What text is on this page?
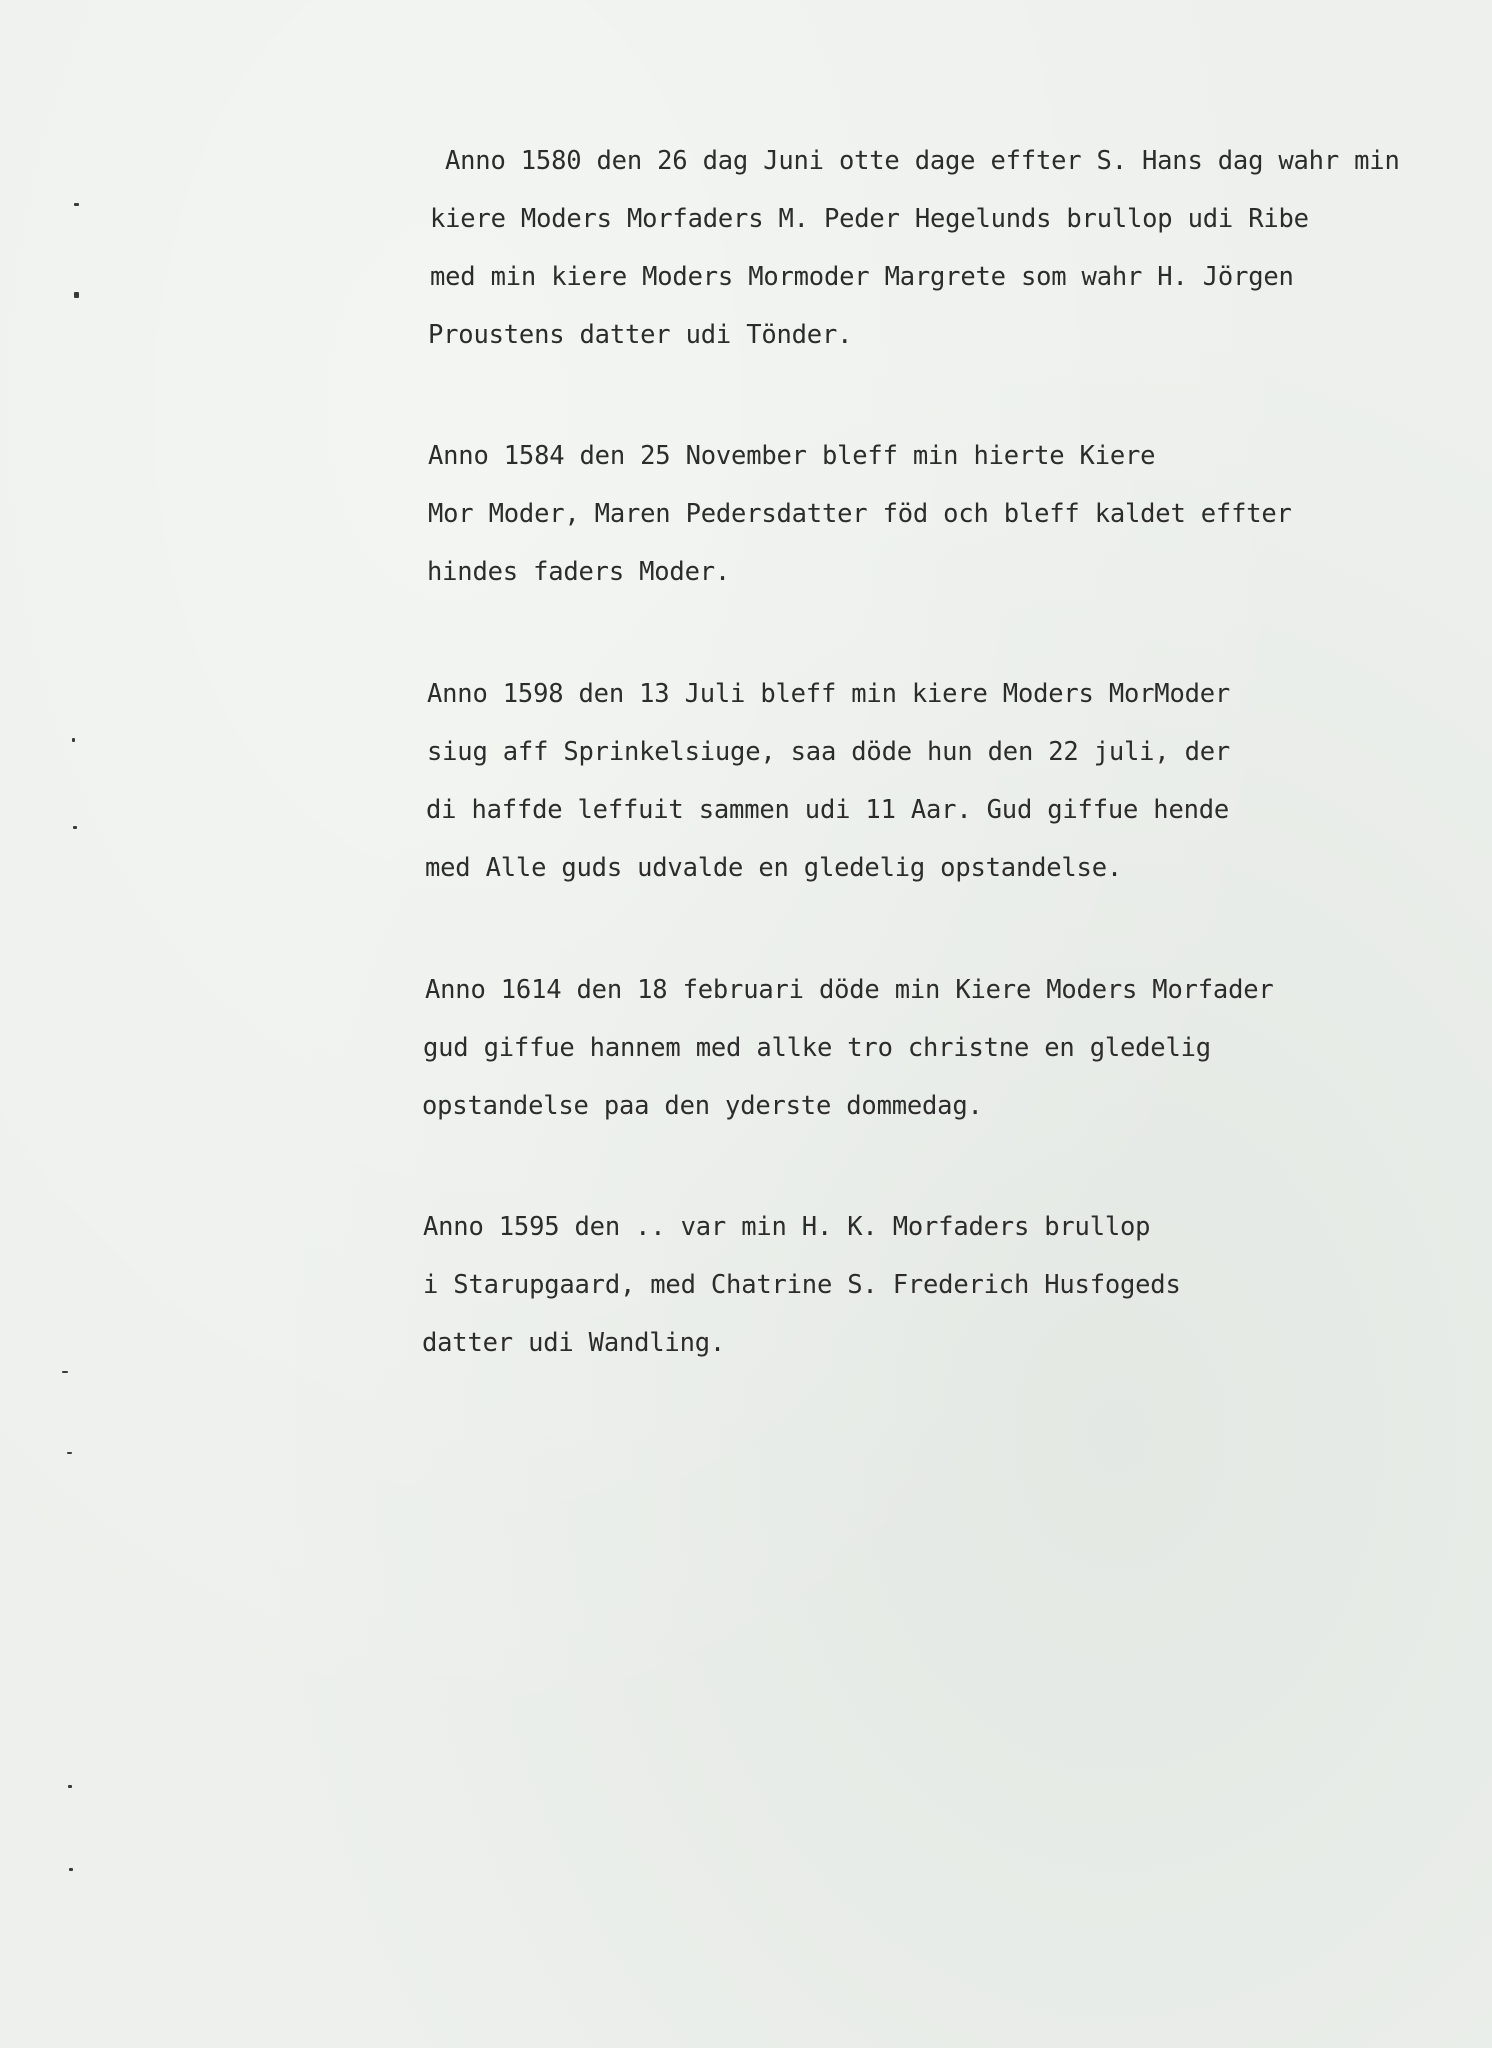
Anno 1580 den 26 dag Juni otte dage effter S. Hans dag wahr min
kiere Moders Morfaders M. Peder Hegelunds brullop udi Ribe
med min kiere Moders Mormoder Margrete som wahr H. Jörgen
Proustens datter udi Tönder.
Anno 1584 den 25 November bleff min hierte Kiere
Mor Moder, Maren Pedersdatter föd och bleff kaldet effter
hindes faders Moder.
Anno 1598 den 13 Juli bleff min kiere Moders MorModer
siug aff Sprinkelsiuge, saa döde hun den 22 juli, der
di haffde leffuit sammen udi 11 Aar. Gud giffue hende
med Alle guds udvalde en gledelig opstandelse.
Anno 1614 den 18 februari döde min Kiere Moders Morfader
gud giffue hannem med allke tro christne en gledelig
opstandelse paa den yderste dommedag.
Anno 1595 den .. var min H. K. Morfaders brullop
i Starupgaard, med Chatrine S. Frederich Husfogeds
datter udi Wandling.
